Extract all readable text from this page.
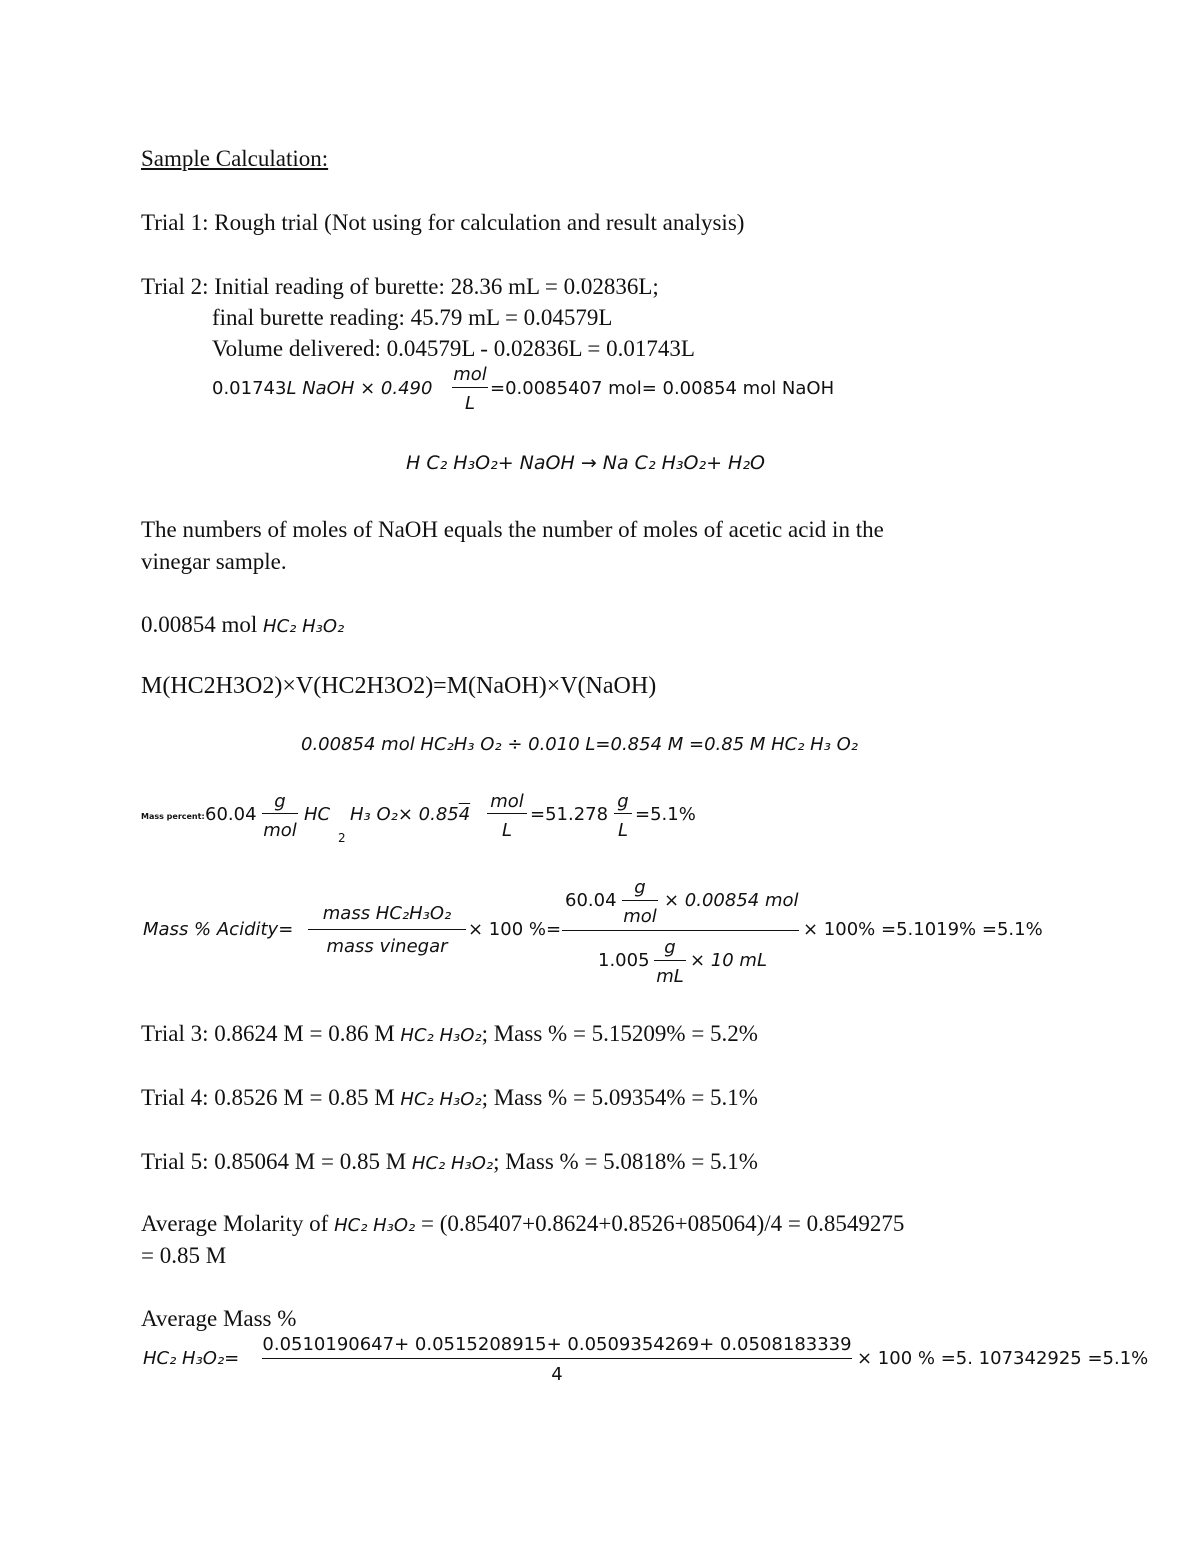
Sample Calculation:
Trial 1: Rough trial (Not using for calculation and result analysis)
Trial 2: Initial reading of burette: 28.36 mL = 0.02836L;
final burette reading: 45.79 mL = 0.04579L
Volume delivered: 0.04579L - 0.02836L = 0.01743L
0.01743L NaOH × 0.490
mol
L
=0.0085407 mol= 0.00854 mol NaOH
H C₂ H₃O₂+ NaOH → Na C₂ H₃O₂+ H₂O
The numbers of moles of NaOH equals the number of moles of acetic acid in the
vinegar sample.
0.00854 mol HC₂ H₃O₂
M(HC2H3O2)×V(HC2H3O2)=M(NaOH)×V(NaOH)
0.00854 mol HC₂H₃ O₂ ÷ 0.010 L=0.854 M =0.85 M HC₂ H₃ O₂
Mass percent: 60.04
g
mol
HC
2
H₃ O₂× 0.854
mol
L
=51.278
g
L
=5.1%
Mass % Acidity=
mass HC₂H₃O₂
mass vinegar
× 100 %=
60.04
g
mol
× 0.00854 mol
1.005
g
mL
× 10 mL
× 100% =5.1019% =5.1%
Trial 3: 0.8624 M = 0.86 M HC₂ H₃O₂; Mass % = 5.15209% = 5.2%
Trial 4: 0.8526 M = 0.85 M HC₂ H₃O₂; Mass % = 5.09354% = 5.1%
Trial 5: 0.85064 M = 0.85 M HC₂ H₃O₂; Mass % = 5.0818% = 5.1%
Average Molarity of HC₂ H₃O₂ = (0.85407+0.8624+0.8526+085064)/4 = 0.8549275
= 0.85 M
Average Mass %
HC₂ H₃O₂=
0.0510190647+ 0.0515208915+ 0.0509354269+ 0.0508183339
4
× 100 % =5. 107342925 =5.1%
